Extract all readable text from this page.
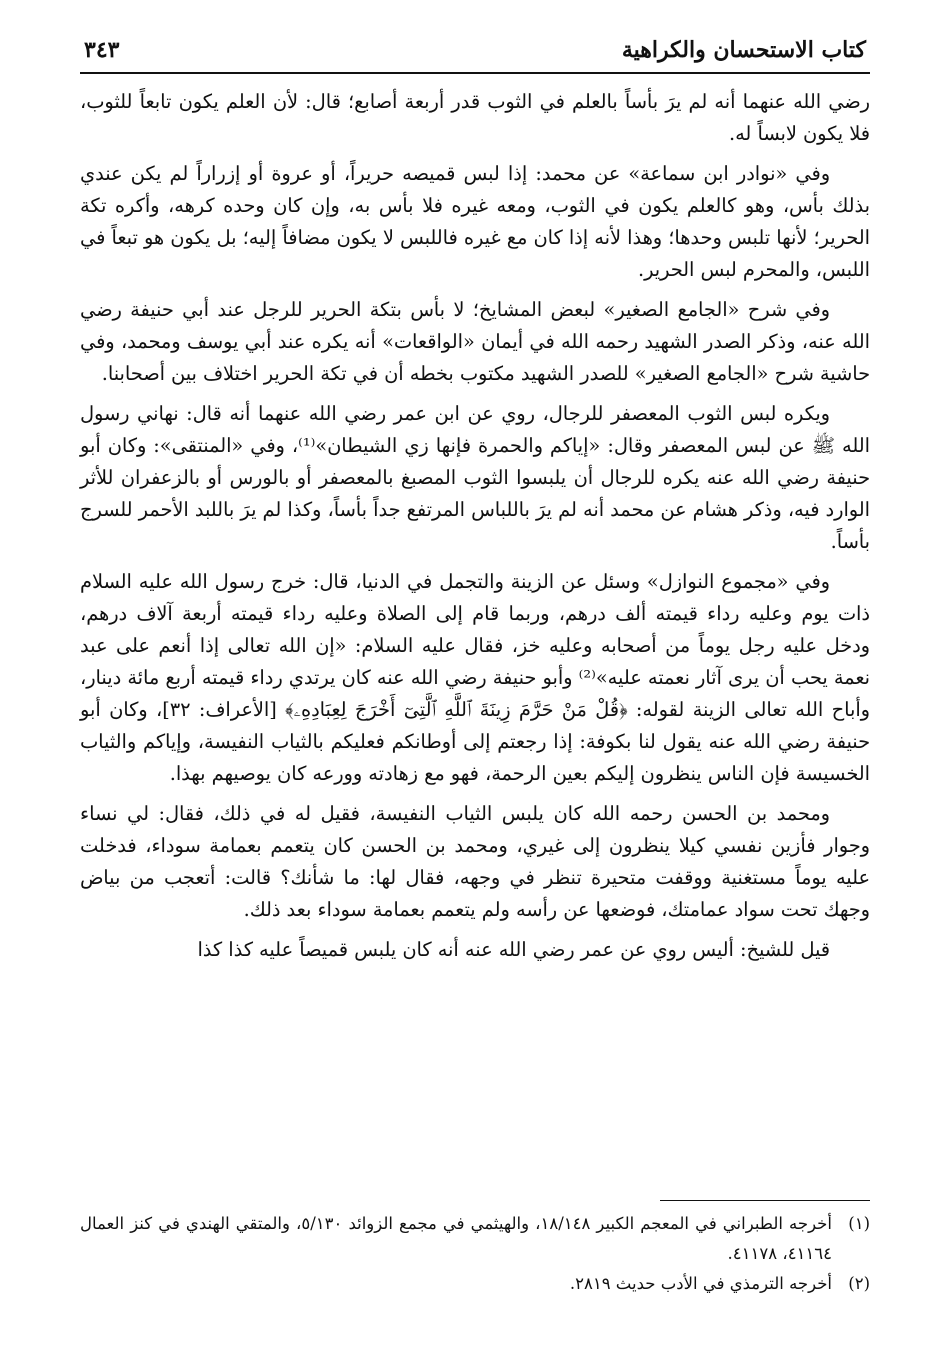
كتاب الاستحسان والكراهية
٣٤٣

رضي الله عنهما أنه لم يرَ بأساً بالعلم في الثوب قدر أربعة أصابع؛ قال: لأن العلم يكون تابعاً للثوب، فلا يكون لابساً له.

وفي «نوادر ابن سماعة» عن محمد: إذا لبس قميصه حريراً، أو عروة أو إزراراً لم يكن عندي بذلك بأس، وهو كالعلم يكون في الثوب، ومعه غيره فلا بأس به، وإن كان وحده كرهه، وأكره تكة الحرير؛ لأنها تلبس وحدها؛ وهذا لأنه إذا كان مع غيره فاللبس لا يكون مضافاً إليه؛ بل يكون هو تبعاً في اللبس، والمحرم لبس الحرير.

وفي شرح «الجامع الصغير» لبعض المشايخ؛ لا بأس بتكة الحرير للرجل عند أبي حنيفة رضي الله عنه، وذكر الصدر الشهيد رحمه الله في أيمان «الواقعات» أنه يكره عند أبي يوسف ومحمد، وفي حاشية شرح «الجامع الصغير» للصدر الشهيد مكتوب بخطه أن في تكة الحرير اختلاف بين أصحابنا.

ويكره لبس الثوب المعصفر للرجال، روي عن ابن عمر رضي الله عنهما أنه قال: نهاني رسول الله ﷺ عن لبس المعصفر وقال: «إياكم والحمرة فإنها زي الشيطان»⁽¹⁾، وفي «المنتقى»: وكان أبو حنيفة رضي الله عنه يكره للرجال أن يلبسوا الثوب المصبغ بالمعصفر أو بالورس أو بالزعفران للأثر الوارد فيه، وذكر هشام عن محمد أنه لم يرَ باللباس المرتفع جداً بأساً، وكذا لم يرَ باللبد الأحمر للسرج بأساً.

وفي «مجموع النوازل» وسئل عن الزينة والتجمل في الدنيا، قال: خرج رسول الله عليه السلام ذات يوم وعليه رداء قيمته ألف درهم، وربما قام إلى الصلاة وعليه رداء قيمته أربعة آلاف درهم، ودخل عليه رجل يوماً من أصحابه وعليه خز، فقال عليه السلام: «إن الله تعالى إذا أنعم على عبد نعمة يحب أن يرى آثار نعمته عليه»⁽²⁾ وأبو حنيفة رضي الله عنه كان يرتدي رداء قيمته أربع مائة دينار، وأباح الله تعالى الزينة لقوله: ﴿قُلْ مَنْ حَرَّمَ زِينَةَ ٱللَّهِ ٱلَّتِىٓ أَخْرَجَ لِعِبَادِهِۦ﴾ [الأعراف: ٣٢]، وكان أبو حنيفة رضي الله عنه يقول لنا بكوفة: إذا رجعتم إلى أوطانكم فعليكم بالثياب النفيسة، وإياكم والثياب الخسيسة فإن الناس ينظرون إليكم بعين الرحمة، فهو مع زهادته وورعه كان يوصيهم بهذا.

ومحمد بن الحسن رحمه الله كان يلبس الثياب النفيسة، فقيل له في ذلك، فقال: لي نساء وجوار فأزين نفسي كيلا ينظرون إلى غيري، ومحمد بن الحسن كان يتعمم بعمامة سوداء، فدخلت عليه يوماً مستغنية ووقفت متحيرة تنظر في وجهه، فقال لها: ما شأنك؟ قالت: أتعجب من بياض وجهك تحت سواد عمامتك، فوضعها عن رأسه ولم يتعمم بعمامة سوداء بعد ذلك.

قيل للشيخ: أليس روي عن عمر رضي الله عنه أنه كان يلبس قميصاً عليه كذا كذا

(١)
أخرجه الطبراني في المعجم الكبير ١٨/١٤٨، والهيثمي في مجمع الزوائد ٥/١٣٠، والمتقي الهندي في كنز العمال ٤١١٦٤، ٤١١٧٨.
(٢)
أخرجه الترمذي في الأدب حديث ٢٨١٩.
